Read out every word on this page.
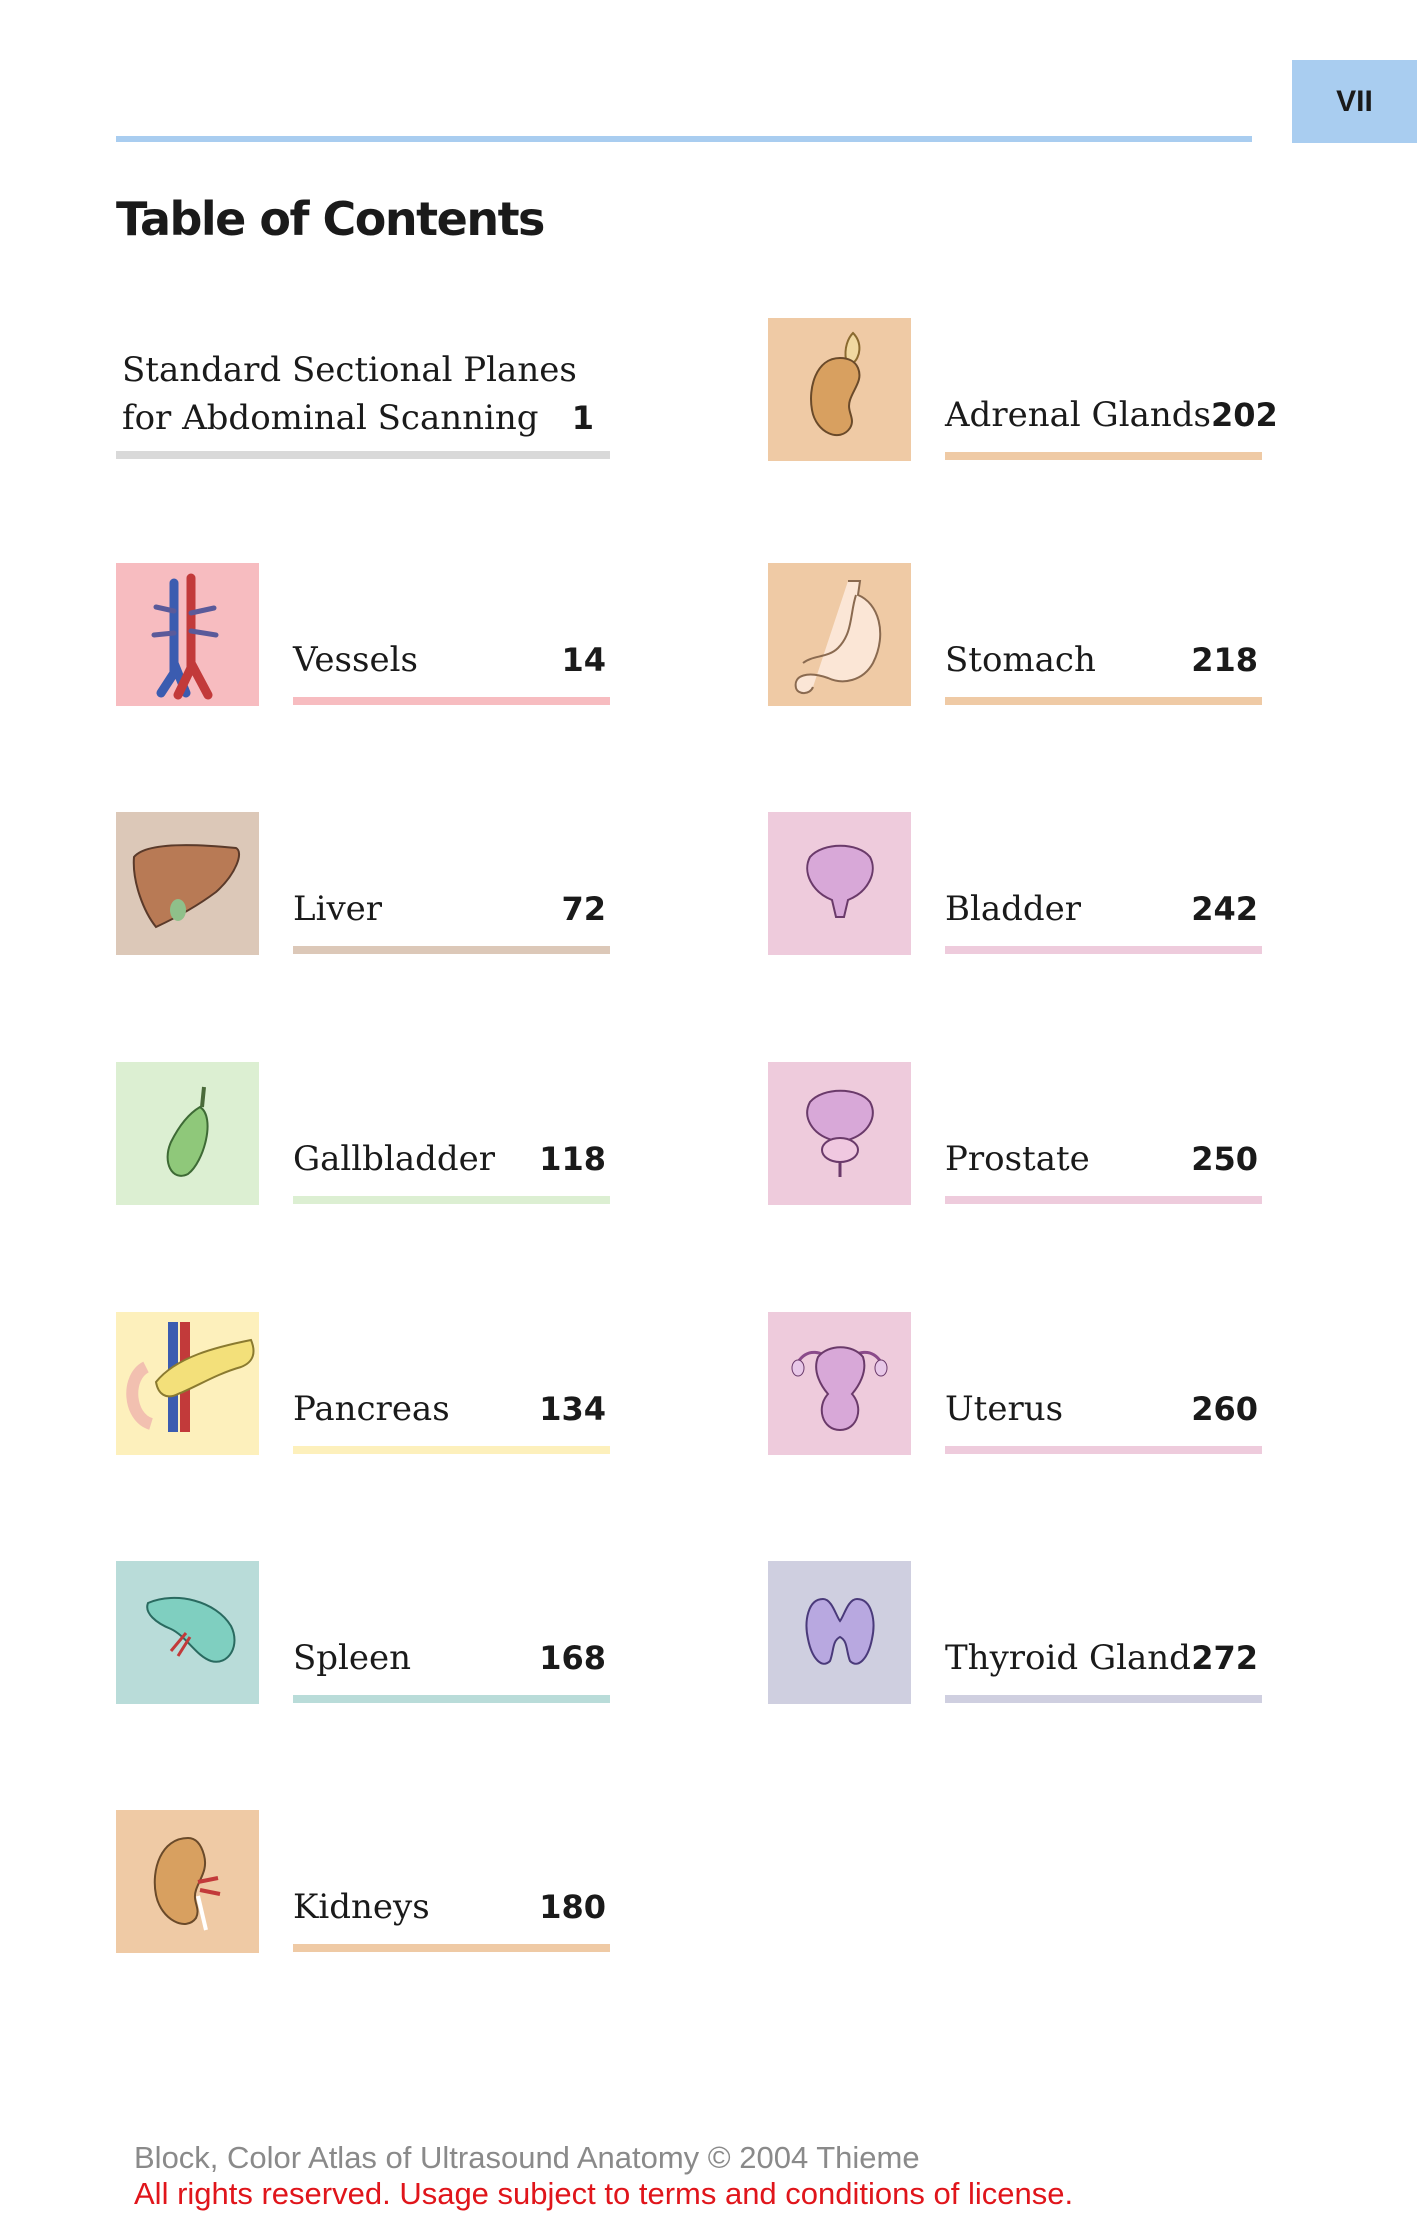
VII
Table of Contents
Standard Sectional Planes
for Abdominal Scanning 1
Vessels	14
Liver	72
Gallbladder 118
Pancreas	134
Spleen	168
Kidneys	180
Adrenal Glands 202
Stomach	218
Bladder	242
Prostate	250
Uterus	260
Thyroid Gland 272
Block, Color Atlas of Ultrasound Anatomy © 2004 Thieme
All rights reserved. Usage subject to terms and conditions of license.
